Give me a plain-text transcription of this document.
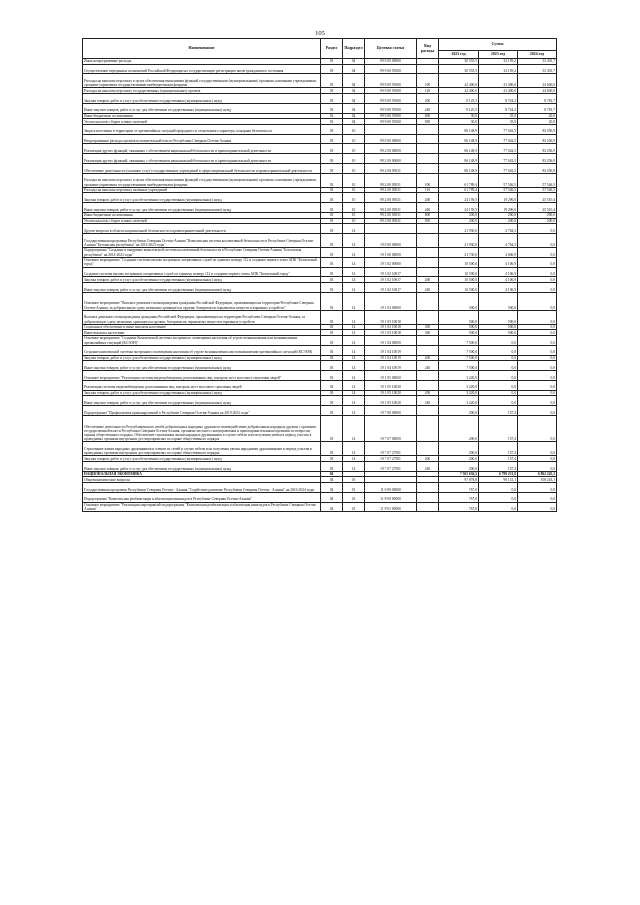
105
Наименование	Раздел	Подраздел	Целевая статья	Вид расхода	Сумма		
					2023 год	2023 год	2024 год
Иные непрограммные расходы	03	04	99 9 00 00000		30 555,5	32 159,2	33 401,7
Осуществление переданных полномочий Российской Федерации на государственную регистрацию актов гражданского состояния	03	04	99 9 00 59300		30 555,5	32 159,2	33 401,7
Расходы на выплаты персоналу в целях обеспечения выполнения функций государственными (муниципальными) органами, казенными учреждениями, органами управления государственными внебюджетными фондами	03	04	99 9 00 59300	100	22 400,0	23 400,0	24 600,0
Расходы на выплаты персоналу государственных (муниципальных) органов	03	04	99 9 00 59300	120	22 400,0	23 400,0	24 600,0
Закупка товаров, работ и услуг для обеспечения государственных (муниципальных) нужд	03	04	99 9 00 59300	200	8 125,5	8 724,2	8 781,7
Иные закупки товаров, работ и услуг для обеспечения государственных (муниципальных) нужд	03	04	99 9 00 59300	240	8 125,5	8 724,2	8 781,7
Иные бюджетные ассигнования	03	04	99 9 00 59300	800	30,0	35,0	20,0
Уплата налогов, сборов и иных платежей	03	04	99 9 00 59300	850	30,0	35,0	20,0
Защита населения и территории от чрезвычайных ситуаций природного и техногенного характера, пожарная безопасность	03	10			86 148,9	77 042,5	83 256,9
Непрограммные расходы органов исполнительной власти Республики Северная Осетия-Алания	03	10	99 0 00 00000		86 148,9	77 042,5	83 256,9
Реализация других функций, связанных с обеспечением национальной безопасности и правоохранительной деятельности	03	10	99 2 00 00000		86 148,9	77 042,5	83 256,9
Реализация других функций, связанных с обеспечением национальной безопасности и правоохранительной деятельности	03	10	99 2 00 00000		86 148,9	77 042,5	83 256,9
Обеспечение деятельности (оказание услуг) государственных учреждений в сфере национальной безопасности и правоохранительной деятельности	03	10	99 2 00 05031		86 148,9	77 042,5	83 256,9
Расходы на выплаты персоналу в целях обеспечения выполнения функций государственными (муниципальными) органами, казенными учреждениями, органами управления государственными внебюджетными фондами	03	10	99 2 00 05031	100	61 789,4	57 546,5	57 546,5
Расходы на выплаты персоналу казенных учреждений	03	10	99 2 00 05031	110	61 789,4	57 546,5	57 546,5
Закупка товаров, работ и услуг для обеспечения государственных (муниципальных) нужд	03	10	99 2 00 05031	200	24 159,5	19 296,0	25 510,4
Иные закупки товаров, работ и услуг для обеспечения государственных (муниципальных) нужд	03	10	99 2 00 05031	240	24 159,5	19 296,0	25 510,4
Иные бюджетные ассигнования	03	10	99 2 00 05031	800	200,0	200,0	200,0
Уплата налогов, сборов и иных платежей	03	10	99 2 00 05031	850	200,0	200,0	200,0
Другие вопросы в области национальной безопасности и правоохранительной деятельности	03	14			21 930,0	4 764,3	0,0
Государственная программа Республики Северная Осетия-Алания "Комплексная система коллективной безопасности в Республике Северная Осетия-Алания "Безопасная республика" на 2014-2023 годы"	03	14	19 0 00 00000		21 930,0	4 764,3	0,0
Подпрограмма "Создание и внедрение комплексной системы коллективной безопасности в Республике Северная Осетия-Алания "Безопасная республика" на 2014-2023 годы"	03	14	19 1 00 00000		21 730,0	4 606,9	0,0
Основное мероприятие "Создание системы вызова экстренных оперативных служб по единому номеру 112 и создание первого этапа АПК "Безопасный город"	03	14	19 1 02 00000		10 500,0	4 106,9	0,0
Создание системы вызова экстренных оперативных служб по единому номеру 112 и создание первого этапа АПК "Безопасный город"	03	14	19 1 02 10017		10 500,0	4 106,9	0,0
Закупка товаров, работ и услуг для обеспечения государственных (муниципальных) нужд	03	14	19 1 02 10017	200	10 500,0	4 106,9	0,0
Иные закупки товаров, работ и услуг для обеспечения государственных (муниципальных) нужд	03	14	19 1 02 10017	240	10 500,0	4 106,9	0,0
Основное мероприятие "Выплата денежного вознаграждения гражданам Российской Федерации, проживающим на территории Республики Северная Осетия-Алания, за добровольную сдачу незаконно хранящегося оружия, боеприпасов, взрывчатых веществ и взрывных устройств"	03	14	19 1 03 00000		500,0	500,0	0,0
Выплата денежного вознаграждения гражданам Российской Федерации, проживающим на территории Республики Северная Осетия-Алания, за добровольную сдачу незаконно хранящегося оружия, боеприпасов, взрывчатых веществ и взрывных устройств	03	14	19 1 03 10018		500,0	500,0	0,0
Социальное обеспечение и иные выплаты населению	03	14	19 1 03 10018	300	500,0	500,0	0,0
Иные выплаты населению	03	14	19 1 03 10018	360	500,0	500,0	0,0
Основное мероприятие "Создание Комплексной системы экстренного оповещения населения об угрозе возникновения или возникновении чрезвычайных ситуаций (КСЭОН)"	03	14	19 1 04 00000		7 500,0	0,0	0,0
Создание комплексной системы экстренного оповещения населения об угрозе возникновения или возникновении чрезвычайных ситуаций (КСЭОН)	03	14	19 1 04 10019		7 500,0	0,0	0,0
Закупка товаров, работ и услуг для обеспечения государственных (муниципальных) нужд	03	14	19 1 04 10019	200	7 500,0	0,0	0,0
Иные закупки товаров, работ и услуг для обеспечения государственных (муниципальных) нужд	03	14	19 1 04 10019	240	7 500,0	0,0	0,0
Основное мероприятие "Реализация системы видеонаблюдения, распознавания лиц, контроль мест массового скопления людей"	03	14	19 1 05 00000		3 220,0	0,0	0,0
Реализация системы видеонаблюдения, распознавания лиц, контроль мест массового скопления людей	03	14	19 1 05 10020		3 220,0	0,0	0,0
Закупка товаров, работ и услуг для обеспечения государственных (муниципальных) нужд	03	14	19 1 05 10020	200	3 220,0	0,0	0,0
Иные закупки товаров, работ и услуг для обеспечения государственных (муниципальных) нужд	03	14	19 1 05 10020	240	3 220,0	0,0	0,0
Подпрограмма "Профилактика правонарушений в Республике Северная Осетия-Алания на 2019-2023 годы"	03	14	19 7 00 00000		200,0	157,4	0,0
Обеспечение деятельности Республиканского штаба добровольных народных дружин по взаимодействию добровольных народных дружин с органами государственной власти Республики Северная Осетия-Алания, органами местного самоуправления и правоохранительными органами по вопросам охраны общественного порядка. Обеспечение страхования жизни народных дружинников в случае гибели или получения увечья в период участия в проводимых органами внутренних дел мероприятиях по охране общественного порядка	03	14	19 7 07 00000		200,0	157,4	0,0
Страхование жизни народных дружинников и членов их семей в случае гибели или получения увечья народными дружинниками в период участия в проводимых органами внутренних дел мероприятиях по охране общественного порядка	03	14	19 7 07 27581		200,0	157,4	0,0
Закупка товаров, работ и услуг для обеспечения государственных (муниципальных) нужд	03	14	19 7 07 27581	200	200,0	157,4	0,0
Иные закупки товаров, работ и услуг для обеспечения государственных (муниципальных) нужд	03	14	19 7 07 27581	240	200,0	157,4	0,0
НАЦИОНАЛЬНАЯ ЭКОНОМИКА	04				7 565 636,5	6 799 231,0	6 862 245,2
Общеэкономические вопросы	04	01			97 878,8	98 131,1	100 243,1
Государственная программа Республики Северная Осетия - Алания "Содействие развитию Республики Северная Осетия - Алания" на 2016-2024 годы	04	01	11 0 00 00000		767,0	0,0	0,0
Подпрограмма "Комплексная реабилитация и абилитация инвалидов в Республике Северная Осетия-Алания"	04	01	11 Р 00 00000		767,0	0,0	0,0
Основное мероприятие "Реализация мероприятий подпрограммы "Комплексная реабилитация и абилитация инвалидов в Республике Северная Осетия-Алания"	04	01	11 Р 01 00000		767,0	0,0	0,0
